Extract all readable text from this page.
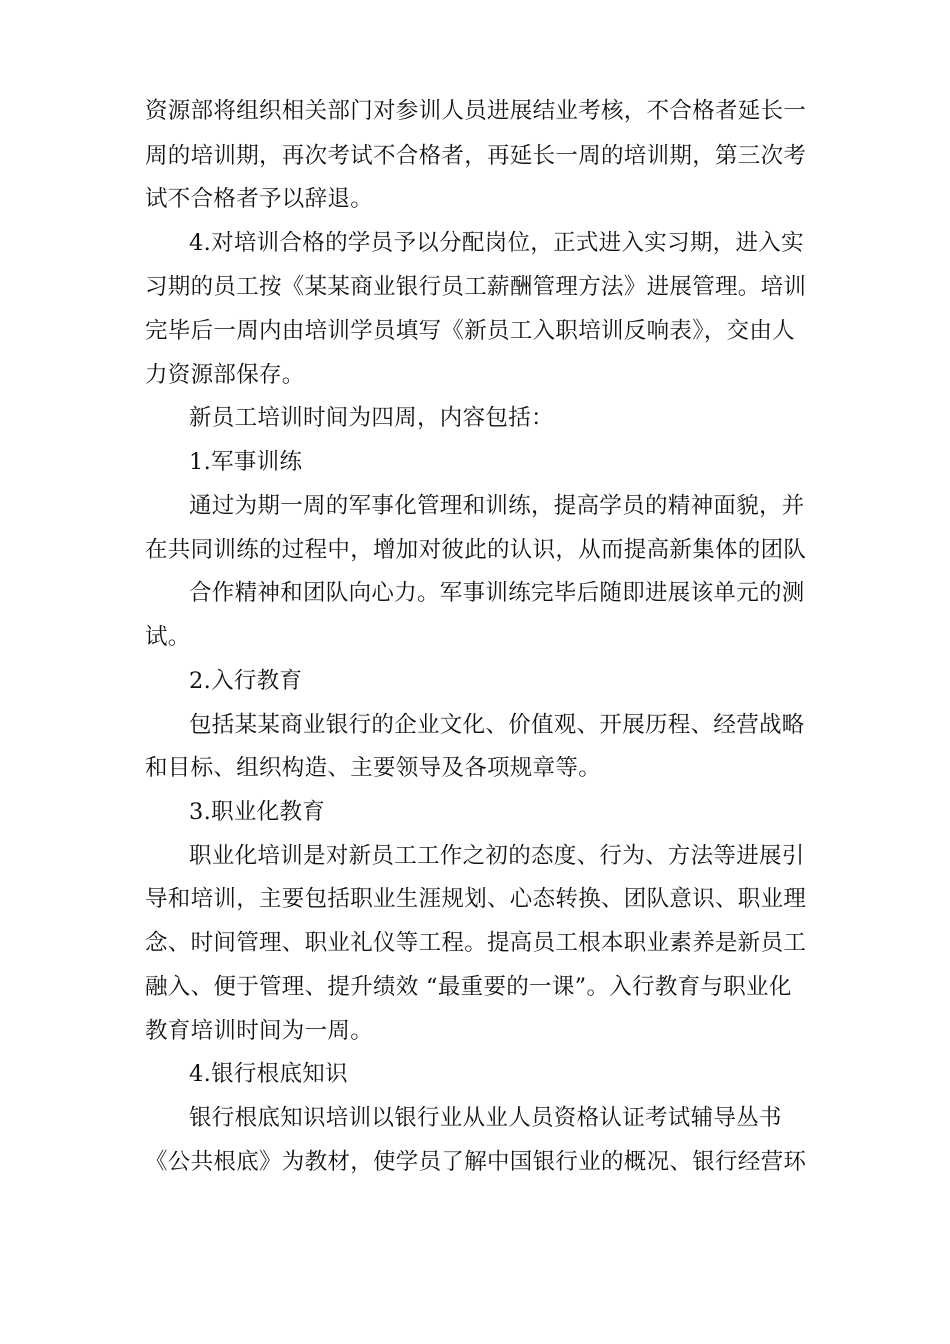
资源部将组织相关部门对参训人员进展结业考核，不合格者延长一
周的培训期，再次考试不合格者，再延长一周的培训期，第三次考
试不合格者予以辞退。
4.对培训合格的学员予以分配岗位，正式进入实习期，进入实
习期的员工按《某某商业银行员工薪酬管理方法》进展管理。培训
完毕后一周内由培训学员填写《新员工入职培训反响表》，交由人
力资源部保存。
新员工培训时间为四周，内容包括：
1.军事训练
通过为期一周的军事化管理和训练，提高学员的精神面貌，并
在共同训练的过程中，增加对彼此的认识，从而提高新集体的团队
合作精神和团队向心力。军事训练完毕后随即进展该单元的测
试。
2.入行教育
包括某某商业银行的企业文化、价值观、开展历程、经营战略
和目标、组织构造、主要领导及各项规章等。
3.职业化教育
职业化培训是对新员工工作之初的态度、行为、方法等进展引
导和培训，主要包括职业生涯规划、心态转换、团队意识、职业理
念、时间管理、职业礼仪等工程。提高员工根本职业素养是新员工
融入、便于管理、提升绩效 “最重要的一课”。入行教育与职业化
教育培训时间为一周。
4.银行根底知识
银行根底知识培训以银行业从业人员资格认证考试辅导丛书
《公共根底》为教材，使学员了解中国银行业的概况、银行经营环
